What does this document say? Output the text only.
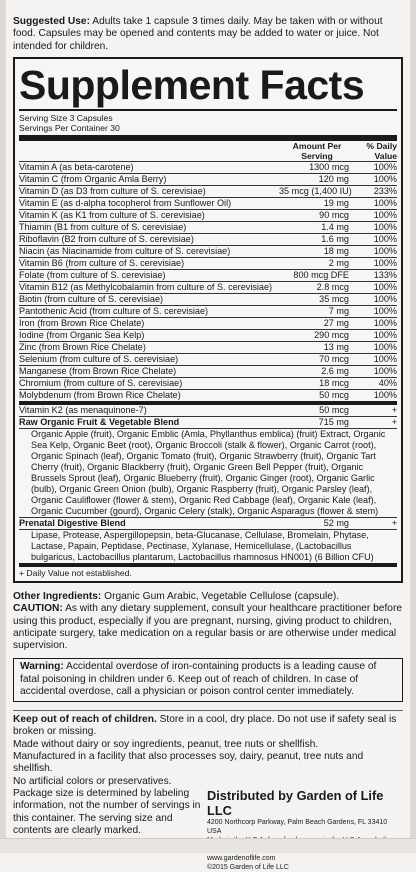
Suggested Use: Adults take 1 capsule 3 times daily. May be taken with or without food. Capsules may be opened and contents may be added to water or juice. Not intended for children.
Supplement Facts
Serving Size 3 Capsules
Servings Per Container 30
Amount Per Serving
% Daily Value
Vitamin A (as beta-carotene)	1300 mcg	100%
Vitamin C (from Organic Amla Berry)	120 mg	100%
Vitamin D (as D3 from culture of S. cerevisiae)	35 mcg (1,400 IU)	233%
Vitamin E (as d-alpha tocopherol from Sunflower Oil)	19 mg	100%
Vitamin K (as K1 from culture of S. cerevisiae)	90 mcg	100%
Thiamin (B1 from culture of S. cerevisiae)	1.4 mg	100%
Riboflavin (B2 from culture of S. cerevisiae)	1.6 mg	100%
Niacin (as Niacinamide from culture of S. cerevisiae)	18 mg	100%
Vitamin B6 (from culture of S. cerevisiae)	2 mg	100%
Folate (from culture of S. cerevisiae)	800 mcg DFE	133%
Vitamin B12 (as Methylcobalamin from culture of S. cerevisiae)	2.8 mcg	100%
Biotin (from culture of S. cerevisiae)	35 mcg	100%
Pantothenic Acid (from culture of S. cerevisiae)	7 mg	100%
Iron (from Brown Rice Chelate)	27 mg	100%
Iodine (from Organic Sea Kelp)	290 mcg	100%
Zinc (from Brown Rice Chelate)	13 mg	100%
Selenium (from culture of S. cerevisiae)	70 mcg	100%
Manganese (from Brown Rice Chelate)	2.6 mg	100%
Chromium (from culture of S. cerevisiae)	18 mcg	40%
Molybdenum (from Brown Rice Chelate)	50 mcg	100%
Vitamin K2 (as menaquinone-7)	50 mcg	+
Raw Organic Fruit & Vegetable Blend	715 mg	+
Organic Apple (fruit), Organic Emblic (Amla, Phyllanthus emblica) (fruit) Extract, Organic Sea Kelp, Organic Beet (root), Organic Broccoli (stalk & flower), Organic Carrot (root), Organic Spinach (leaf), Organic Tomato (fruit), Organic Strawberry (fruit), Organic Tart Cherry (fruit), Organic Blackberry (fruit), Organic Green Bell Pepper (fruit), Organic Brussels Sprout (leaf), Organic Blueberry (fruit), Organic Ginger (root), Organic Garlic (bulb), Organic Green Onion (bulb), Organic Raspberry (fruit), Organic Parsley (leaf), Organic Cauliflower (flower & stem), Organic Red Cabbage (leaf), Organic Kale (leaf), Organic Cucumber (gourd), Organic Celery (stalk), Organic Asparagus (flower & stem)
Prenatal Digestive Blend	52 mg	+
Lipase, Protease, Aspergillopepsin, beta-Glucanase, Cellulase, Bromelain, Phytase, Lactase, Papain, Peptidase, Pectinase, Xylanase, Hemicellulase, (Lactobacillus bulgaricus, Lactobacillus plantarum, Lactobacillus rhamnosus HN001) (6 Billion CFU)
+ Daily Value not established.
Other Ingredients: Organic Gum Arabic, Vegetable Cellulose (capsule).
CAUTION: As with any dietary supplement, consult your healthcare practitioner before using this product, especially if you are pregnant, nursing, giving product to children, anticipate surgery, take medication on a regular basis or are otherwise under medical supervision.
Warning: Accidental overdose of iron-containing products is a leading cause of fatal poisoning in children under 6. Keep out of reach of children. In case of accidental overdose, call a physician or poison control center immediately.
Keep out of reach of children. Store in a cool, dry place. Do not use if safety seal is broken or missing.
Made without dairy or soy ingredients, peanut, tree nuts or shellfish.
Manufactured in a facility that also processes soy, dairy, peanut, tree nuts and shellfish.
No artificial colors or preservatives.
Package size is determined by labeling information, not the number of servings in this container. The serving size and contents are clearly marked.
Distributed by Garden of Life LLC
4200 Northcorp Parkway, Palm Beach Gardens, FL 33410 USA
www.gardenoflife.com
©2015 Garden of Life LLC
